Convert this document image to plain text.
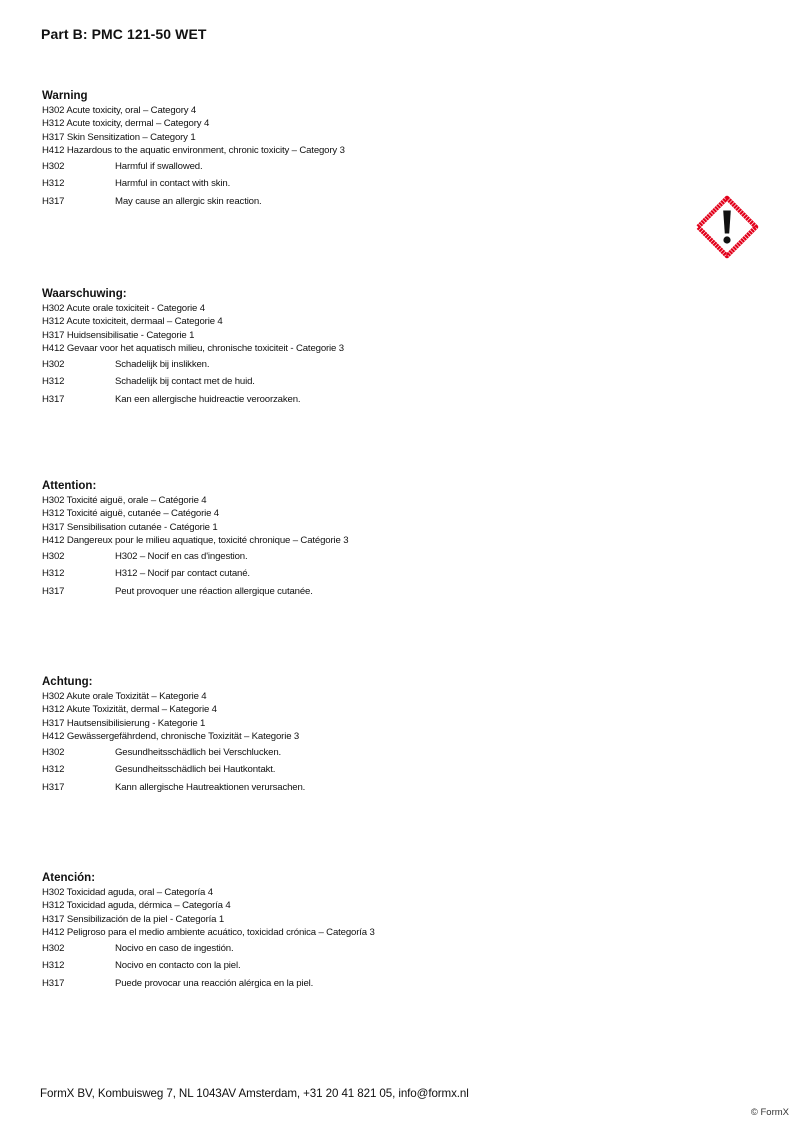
Part B: PMC 121-50 WET
Warning
H302 Acute toxicity, oral – Category 4
H312 Acute toxicity, dermal – Category 4
H317 Skin Sensitization – Category 1
H412 Hazardous to the aquatic environment, chronic toxicity – Category 3
H302	Harmful if swallowed.
H312	Harmful in contact with skin.
H317	May cause an allergic skin reaction.
Waarschuwing:
H302 Acute orale toxiciteit - Categorie 4
H312 Acute toxiciteit, dermaal – Categorie 4
H317 Huidsensibilisatie - Categorie 1
H412 Gevaar voor het aquatisch milieu, chronische toxiciteit - Categorie 3
H302	Schadelijk bij inslikken.
H312	Schadelijk bij contact met de huid.
H317	Kan een allergische huidreactie veroorzaken.
Attention:
H302 Toxicité aiguë, orale – Catégorie 4
H312 Toxicité aiguë, cutanée – Catégorie 4
H317 Sensibilisation cutanée - Catégorie 1
H412 Dangereux pour le milieu aquatique, toxicité chronique – Catégorie 3
H302	H302 – Nocif en cas d'ingestion.
H312	H312 – Nocif par contact cutané.
H317	Peut provoquer une réaction allergique cutanée.
Achtung:
H302 Akute orale Toxizität – Kategorie 4
H312 Akute Toxizität, dermal – Kategorie 4
H317 Hautsensibilisierung - Kategorie 1
H412 Gewässergefährdend, chronische Toxizität – Kategorie 3
H302	Gesundheitsschädlich bei Verschlucken.
H312	Gesundheitsschädlich bei Hautkontakt.
H317	Kann allergische Hautreaktionen verursachen.
Atención:
H302 Toxicidad aguda, oral – Categoría 4
H312 Toxicidad aguda, dérmica – Categoría 4
H317 Sensibilización de la piel - Categoría 1
H412 Peligroso para el medio ambiente acuático, toxicidad crónica – Categoría 3
H302	Nocivo en caso de ingestión.
H312	Nocivo en contacto con la piel.
H317	Puede provocar una reacción alérgica en la piel.
FormX BV, Kombuisweg 7, NL 1043AV Amsterdam, +31 20 41 821 05, info@formx.nl
© FormX
